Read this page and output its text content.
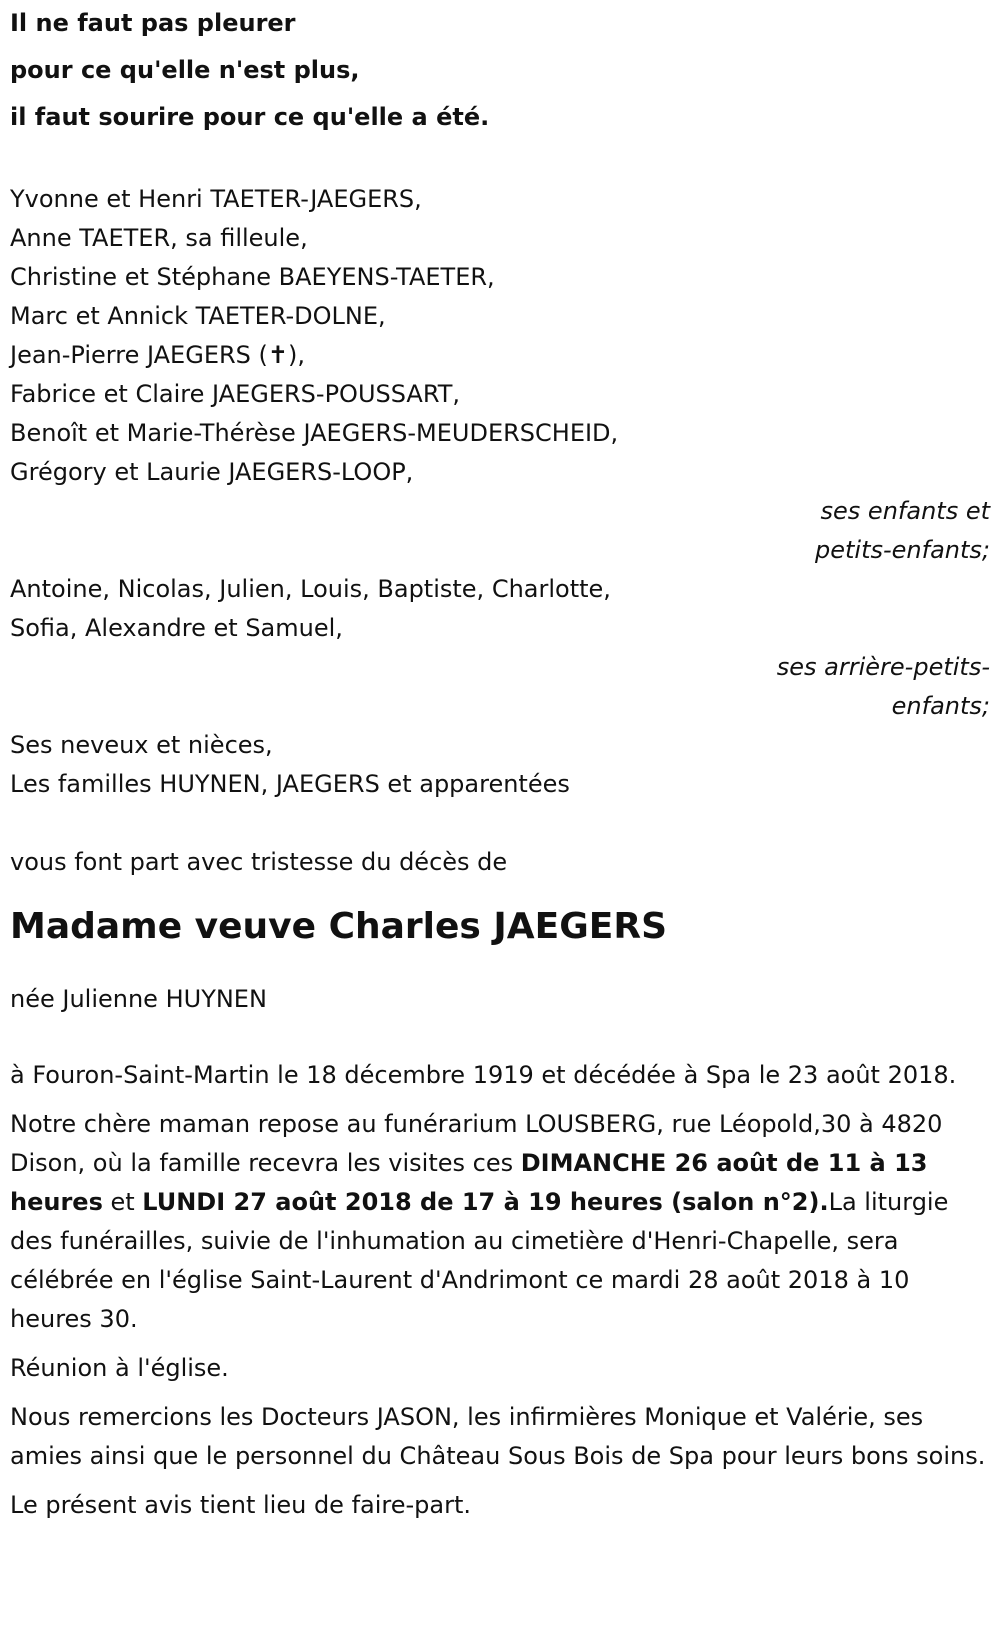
Il ne faut pas pleurer
pour ce qu'elle n'est plus,
il faut sourire pour ce qu'elle a été.
Yvonne et Henri TAETER-JAEGERS,
Anne TAETER, sa filleule,
Christine et Stéphane BAEYENS-TAETER,
Marc et Annick TAETER-DOLNE,
Jean-Pierre JAEGERS (✝),
Fabrice et Claire JAEGERS-POUSSART,
Benoît et Marie-Thérèse JAEGERS-MEUDERSCHEID,
Grégory et Laurie JAEGERS-LOOP,
ses enfants et
petits-enfants;
Antoine, Nicolas, Julien, Louis, Baptiste, Charlotte,
Sofia, Alexandre et Samuel,
ses arrière-petits-
enfants;
Ses neveux et nièces,
Les familles HUYNEN, JAEGERS et apparentées
vous font part avec tristesse du décès de
Madame veuve Charles JAEGERS
née Julienne HUYNEN
à Fouron-Saint-Martin le 18 décembre 1919 et décédée à Spa le 23 août 2018.
Notre chère maman repose au funérarium LOUSBERG, rue Léopold,30 à 4820 Dison, où la famille recevra les visites ces DIMANCHE 26 août de 11 à 13 heures et LUNDI 27 août 2018 de 17 à 19 heures (salon n°2).La liturgie des funérailles, suivie de l'inhumation au cimetière d'Henri-Chapelle, sera célébrée en l'église Saint-Laurent d'Andrimont ce mardi 28 août 2018 à 10 heures 30.
Réunion à l'église.
Nous remercions les Docteurs JASON, les infirmières Monique et Valérie, ses amies ainsi que le personnel du Château Sous Bois de Spa pour leurs bons soins.
Le présent avis tient lieu de faire-part.
